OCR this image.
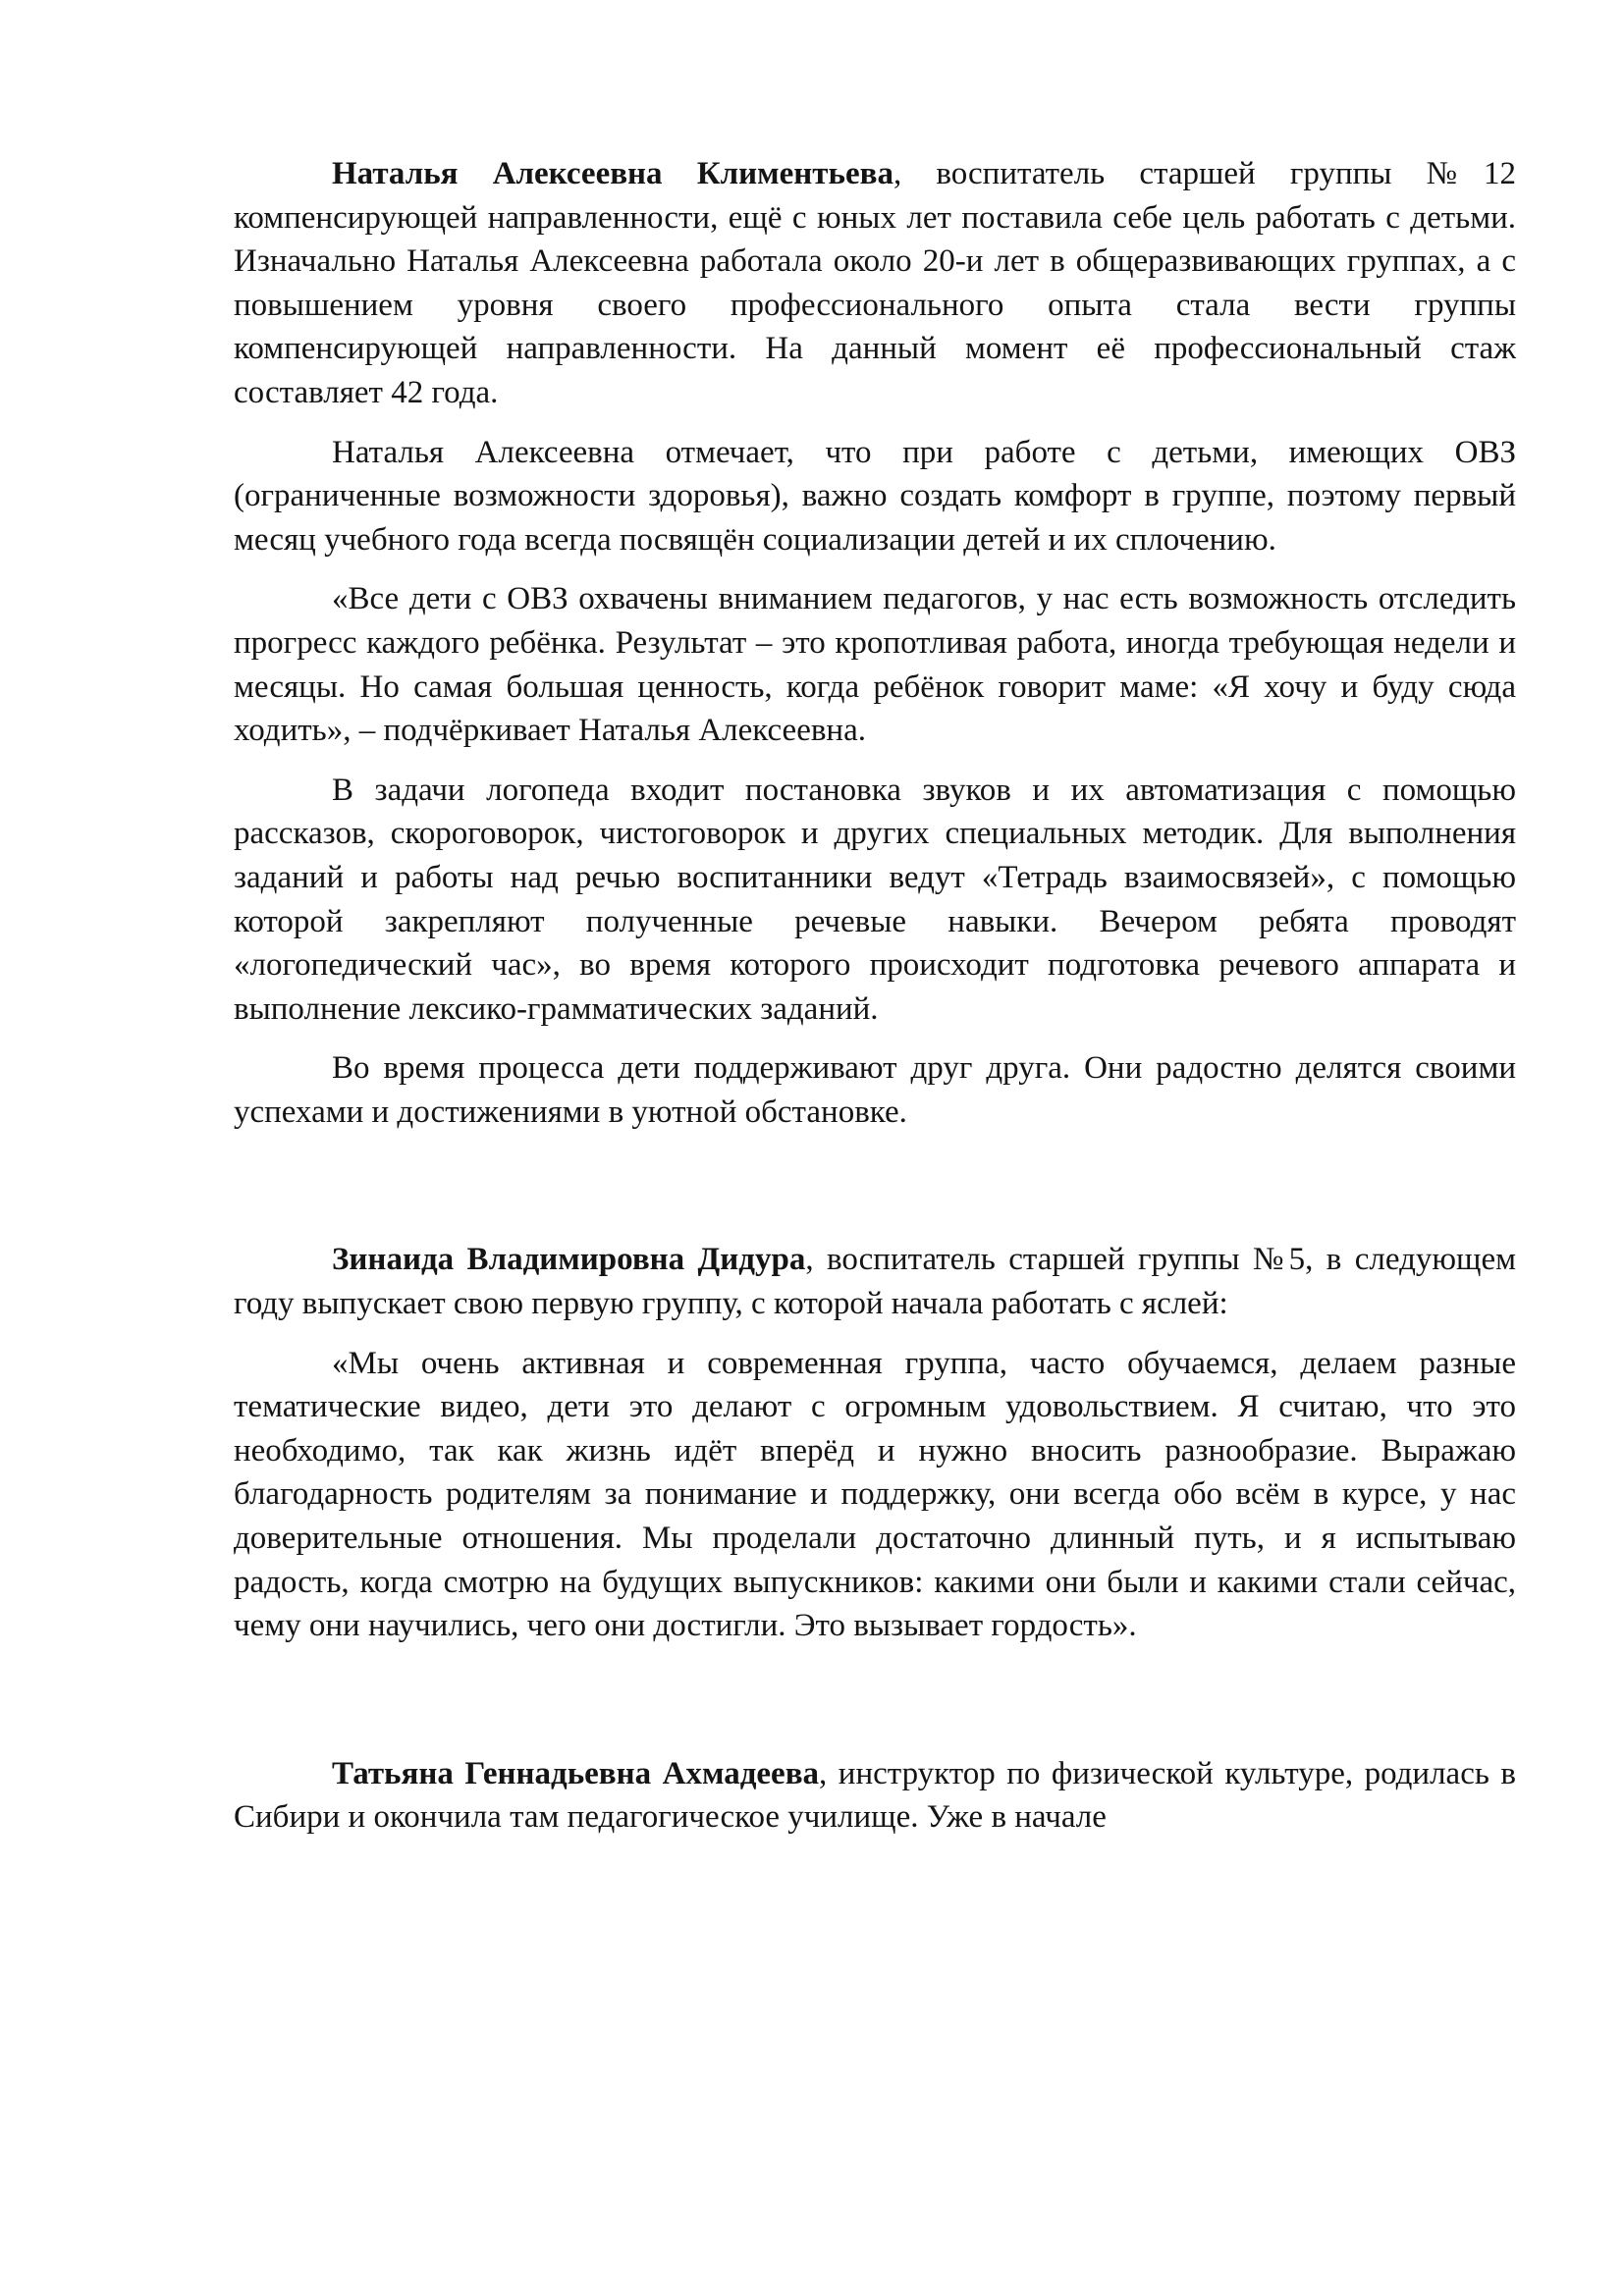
Наталья Алексеевна Климентьева, воспитатель старшей группы №12 компенсирующей направленности, ещё с юных лет поставила себе цель работать с детьми. Изначально Наталья Алексеевна работала около 20-и лет в общеразвивающих группах, а с повышением уровня своего профессионального опыта стала вести группы компенсирующей направленности. На данный момент её профессиональный стаж составляет 42 года.

Наталья Алексеевна отмечает, что при работе с детьми, имеющих ОВЗ (ограниченные возможности здоровья), важно создать комфорт в группе, поэтому первый месяц учебного года всегда посвящён социализации детей и их сплочению.

«Все дети с ОВЗ охвачены вниманием педагогов, у нас есть возможность отследить прогресс каждого ребёнка. Результат – это кропотливая работа, иногда требующая недели и месяцы. Но самая большая ценность, когда ребёнок говорит маме: «Я хочу и буду сюда ходить», – подчёркивает Наталья Алексеевна.

В задачи логопеда входит постановка звуков и их автоматизация с помощью рассказов, скороговорок, чистоговорок и других специальных методик. Для выполнения заданий и работы над речью воспитанники ведут «Тетрадь взаимосвязей», с помощью которой закрепляют полученные речевые навыки. Вечером ребята проводят «логопедический час», во время которого происходит подготовка речевого аппарата и выполнение лексико-грамматических заданий.

Во время процесса дети поддерживают друг друга. Они радостно делятся своими успехами и достижениями в уютной обстановке.

Зинаида Владимировна Дидура, воспитатель старшей группы №5, в следующем году выпускает свою первую группу, с которой начала работать с яслей:

«Мы очень активная и современная группа, часто обучаемся, делаем разные тематические видео, дети это делают с огромным удовольствием. Я считаю, что это необходимо, так как жизнь идёт вперёд и нужно вносить разнообразие. Выражаю благодарность родителям за понимание и поддержку, они всегда обо всём в курсе, у нас доверительные отношения. Мы проделали достаточно длинный путь, и я испытываю радость, когда смотрю на будущих выпускников: какими они были и какими стали сейчас, чему они научились, чего они достигли. Это вызывает гордость».

Татьяна Геннадьевна Ахмадеева, инструктор по физической культуре, родилась в Сибири и окончила там педагогическое училище. Уже в начале
